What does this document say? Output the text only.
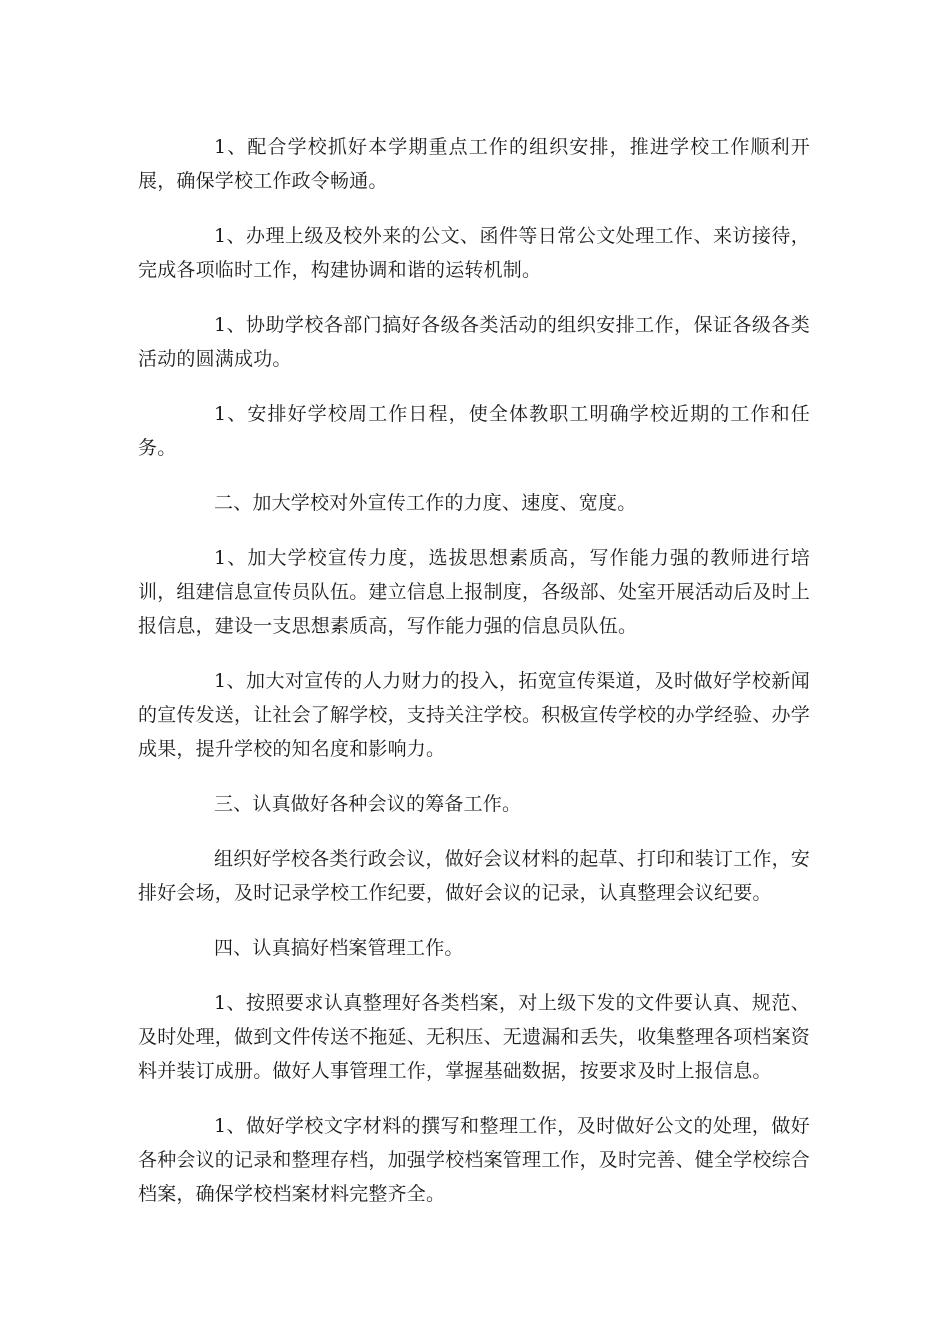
1、配合学校抓好本学期重点工作的组织安排，推进学校工作顺利开展，确保学校工作政令畅通。

1、办理上级及校外来的公文、函件等日常公文处理工作、来访接待，完成各项临时工作，构建协调和谐的运转机制。

1、协助学校各部门搞好各级各类活动的组织安排工作，保证各级各类活动的圆满成功。

1、安排好学校周工作日程，使全体教职工明确学校近期的工作和任务。

二、加大学校对外宣传工作的力度、速度、宽度。

1、加大学校宣传力度，选拔思想素质高，写作能力强的教师进行培训，组建信息宣传员队伍。建立信息上报制度，各级部、处室开展活动后及时上报信息，建设一支思想素质高，写作能力强的信息员队伍。

1、加大对宣传的人力财力的投入，拓宽宣传渠道，及时做好学校新闻的宣传发送，让社会了解学校，支持关注学校。积极宣传学校的办学经验、办学成果，提升学校的知名度和影响力。

三、认真做好各种会议的筹备工作。

组织好学校各类行政会议，做好会议材料的起草、打印和装订工作，安排好会场，及时记录学校工作纪要，做好会议的记录，认真整理会议纪要。

四、认真搞好档案管理工作。

1、按照要求认真整理好各类档案，对上级下发的文件要认真、规范、及时处理，做到文件传送不拖延、无积压、无遗漏和丢失，收集整理各项档案资料并装订成册。做好人事管理工作，掌握基础数据，按要求及时上报信息。

1、做好学校文字材料的撰写和整理工作，及时做好公文的处理，做好各种会议的记录和整理存档，加强学校档案管理工作，及时完善、健全学校综合档案，确保学校档案材料完整齐全。
